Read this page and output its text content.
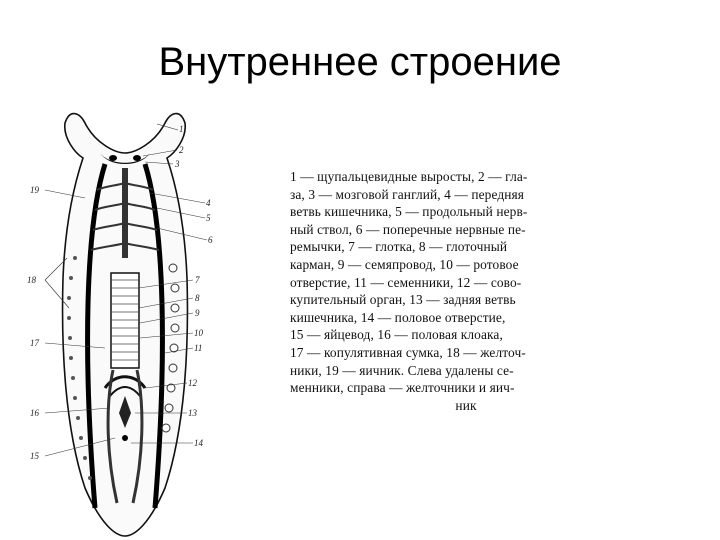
Внутреннее строение
1
2
3
4
5
6
7
8
9
10
11
12
13
14
15
16
17
18
19
1 — щупальцевидные выросты, 2 — гла-
за, 3 — мозговой ганглий, 4 — передняя
ветвь кишечника, 5 — продольный нерв-
ный ствол, 6 — поперечные нервные пе-
ремычки, 7 — глотка, 8 — глоточный
карман, 9 — семяпровод, 10 — ротовое
отверстие, 11 — семенники, 12 — сово-
купительный орган, 13 — задняя ветвь
кишечника, 14 — половое отверстие,
15 — яйцевод, 16 — половая клоака,
17 — копулятивная сумка, 18 — желточ-
ники, 19 — яичник. Слева удалены се-
менники, справа — желточники и яич-
ник
